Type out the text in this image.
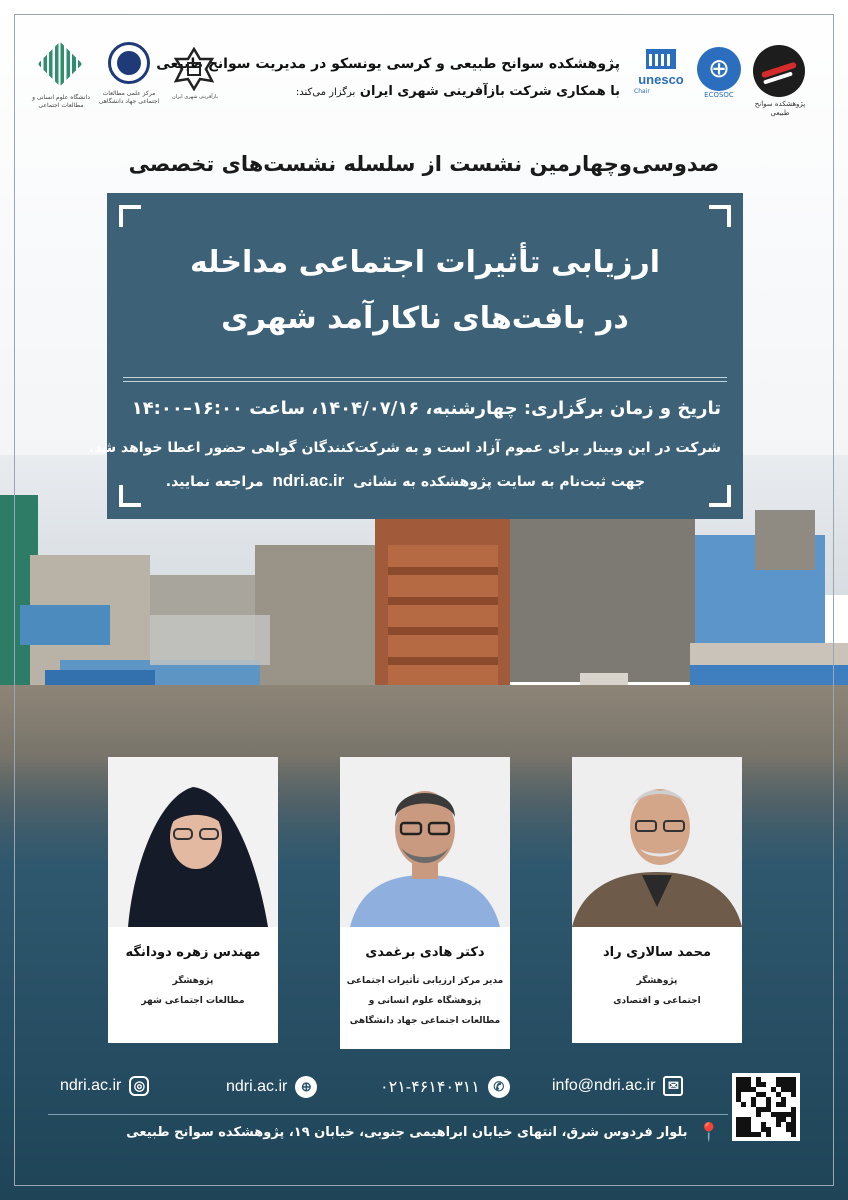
پژوهشکده سوانح طبیعی
⊕
ECOSOC
unesco
Chair
پژوهشکده سوانح طبیعی و کرسی یونسکو در مدیریت سوانح طبیعی
با همکاری شرکت بازآفرینی شهری ایران برگزار می‌کند:
دانشگاه علوم انسانی و مطالعات اجتماعی
مرکز علمی مطالعات اجتماعی جهاد دانشگاهی
بازآفرینی شهری ایران
صدوسی‌وچهارمین نشست از سلسله نشست‌های تخصصی
ارزیابی تأثیرات اجتماعی مداخله
در بافت‌های ناکارآمد شهری
تاریخ و زمان برگزاری: چهارشنبه، ۱۴۰۴/۰۷/۱۶، ساعت ۱۶:۰۰–۱۴:۰۰
شرکت در این وبینار برای عموم آزاد است و به شرکت‌کنندگان گواهی حضور اعطا خواهد شد.
جهت ثبت‌نام به سایت پژوهشکده به نشانی ndri.ac.ir مراجعه نمایید.
مهندس زهره دودانگه
پژوهشگر
مطالعات اجتماعی شهر
دکتر هادی برغمدی
مدیر مرکز ارزیابی تأثیرات اجتماعی
پژوهشگاه علوم انسانی و
مطالعات اجتماعی جهاد دانشگاهی
محمد سالاری راد
پژوهشگر
اجتماعی و اقتصادی
ndri.ac.ir ◎	ndri.ac.ir	⊕	۰۲۱-۴۶۱۴۰۳۱۱	✆	info@ndri.ac.ir ✉
📍
بلوار فردوس شرق، انتهای خیابان ابراهیمی جنوبی، خیابان ۱۹، پژوهشکده سوانح طبیعی
